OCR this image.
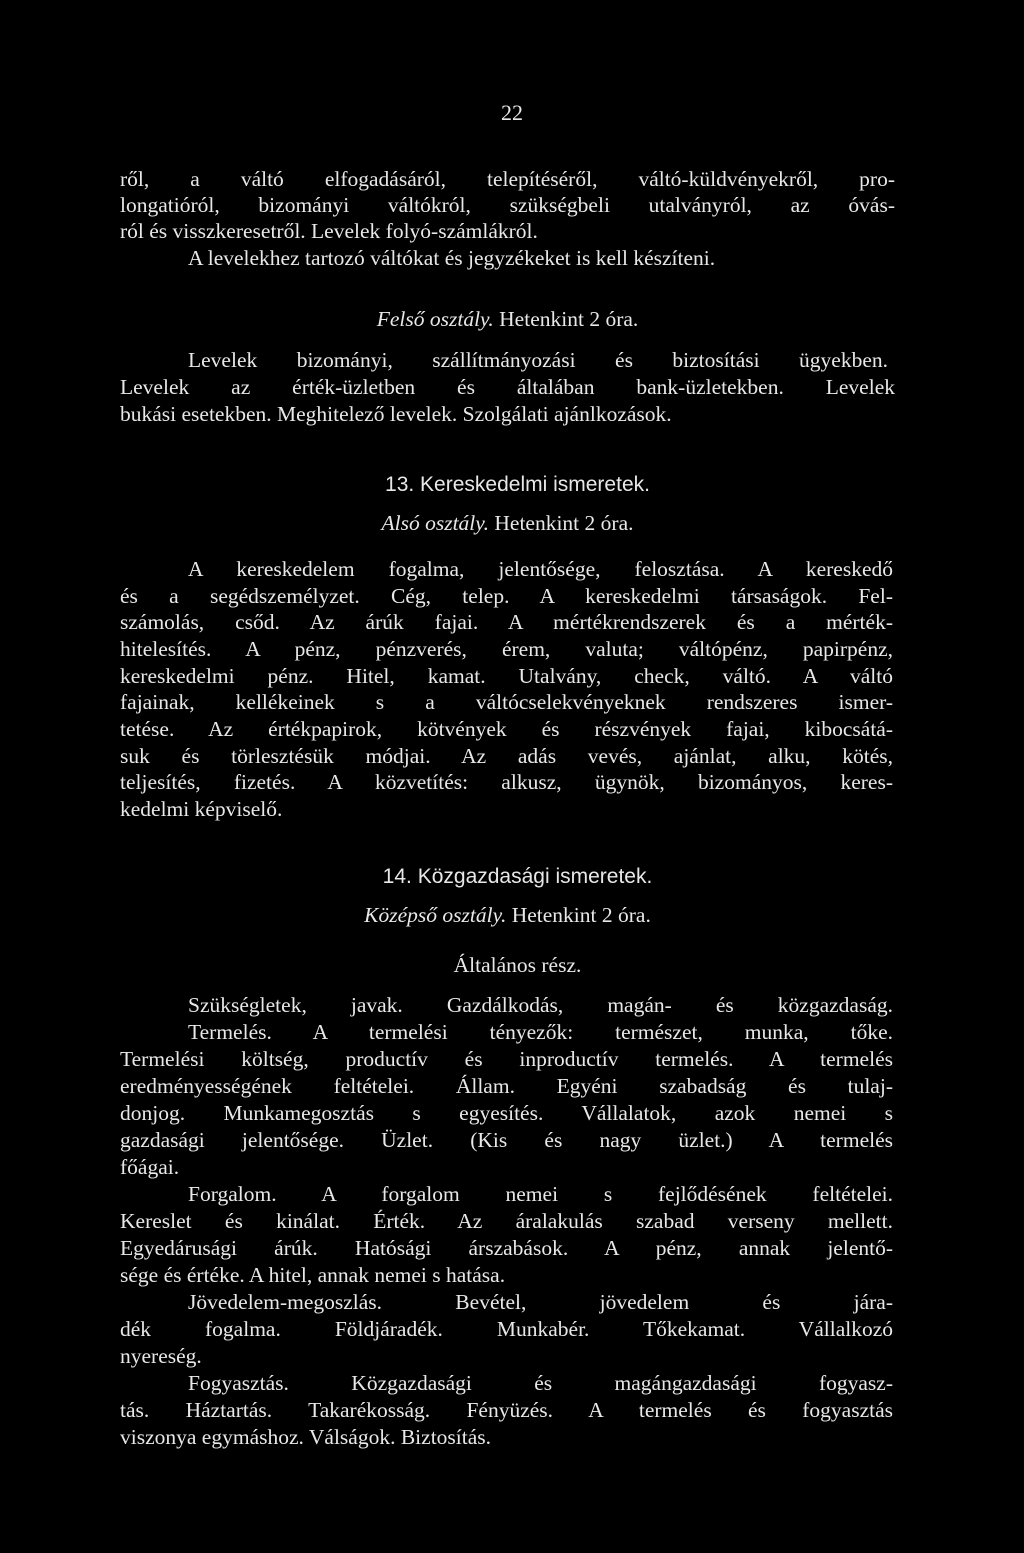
22
ről, a váltó elfogadásáról, telepítéséről, váltó-küldvényekről, pro-
longatióról, bizományi váltókról, szükségbeli utalványról, az óvás-
ról és visszkeresetről. Levelek folyó-számlákról.
A levelekhez tartozó váltókat és jegyzékeket is kell készíteni.
Felső osztály. Hetenkint 2 óra.
Levelek bizományi, szállítmányozási és biztosítási ügyekben.
Levelek az érték-üzletben és általában bank-üzletekben. Levelek
bukási esetekben. Meghitelező levelek. Szolgálati ajánlkozások.
13. Kereskedelmi ismeretek.
Alsó osztály. Hetenkint 2 óra.
A kereskedelem fogalma, jelentősége, felosztása. A kereskedő
és a segédszemélyzet. Cég, telep. A kereskedelmi társaságok. Fel-
számolás, csőd. Az árúk fajai. A mértékrendszerek és a mérték-
hitelesítés. A pénz, pénzverés, érem, valuta; váltópénz, papirpénz,
kereskedelmi pénz. Hitel, kamat. Utalvány, check, váltó. A váltó
fajainak, kellékeinek s a váltócselekvényeknek rendszeres ismer-
tetése. Az értékpapirok, kötvények és részvények fajai, kibocsátá-
suk és törlesztésük módjai. Az adás vevés, ajánlat, alku, kötés,
teljesítés, fizetés. A közvetítés: alkusz, ügynök, bizományos, keres-
kedelmi képviselő.
14. Közgazdasági ismeretek.
Középső osztály. Hetenkint 2 óra.
Általános rész.
Szükségletek, javak. Gazdálkodás, magán- és közgazdaság.
Termelés. A termelési tényezők: természet, munka, tőke.
Termelési költség, productív és inproductív termelés. A termelés
eredményességének feltételei. Állam. Egyéni szabadság és tulaj-
donjog. Munkamegosztás s egyesítés. Vállalatok, azok nemei s
gazdasági jelentősége. Üzlet. (Kis és nagy üzlet.) A termelés
főágai.
Forgalom. A forgalom nemei s fejlődésének feltételei.
Kereslet és kinálat. Érték. Az áralakulás szabad verseny mellett.
Egyedárusági árúk. Hatósági árszabások. A pénz, annak jelentő-
sége és értéke. A hitel, annak nemei s hatása.
Jövedelem-megoszlás. Bevétel, jövedelem és jára-
dék fogalma. Földjáradék. Munkabér. Tőkekamat. Vállalkozó
nyereség.
Fogyasztás. Közgazdasági és magángazdasági fogyasz-
tás. Háztartás. Takarékosság. Fényüzés. A termelés és fogyasztás
viszonya egymáshoz. Válságok. Biztosítás.
